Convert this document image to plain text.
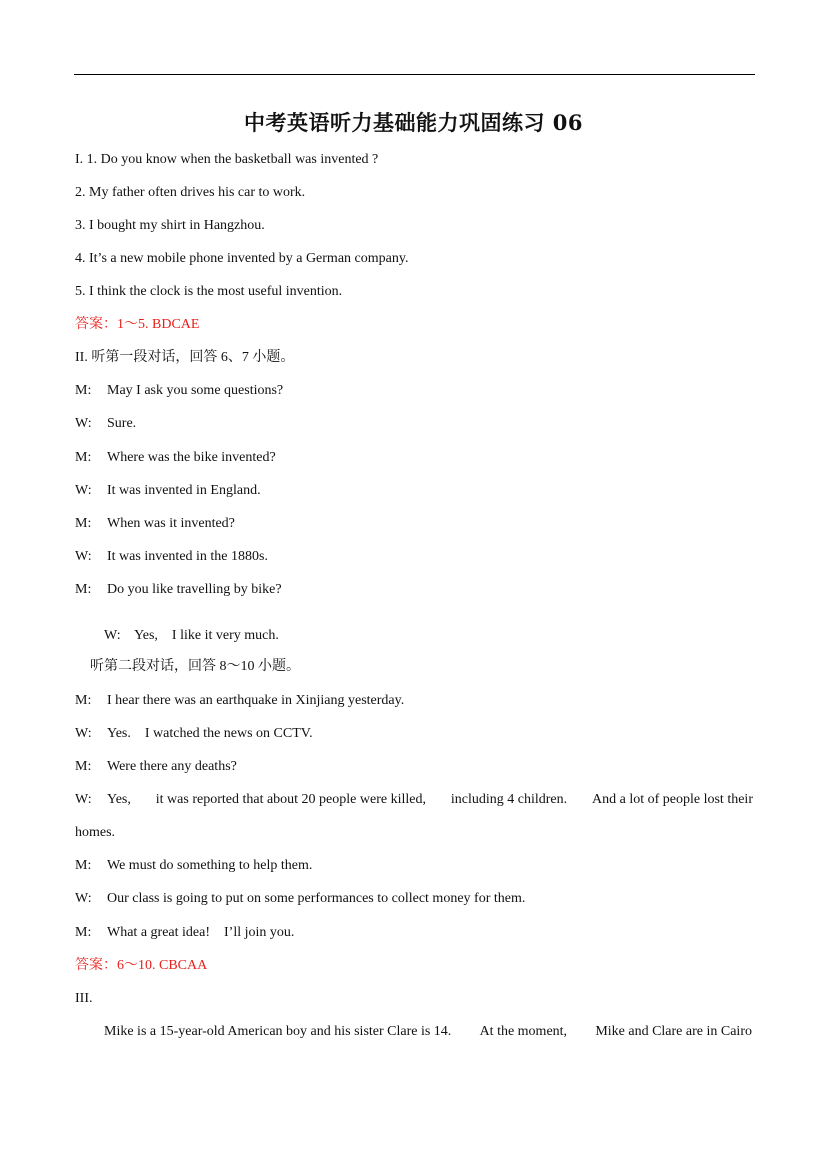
中考英语听力基础能力巩固练习 06
I. 1. Do you know when the basketball was invented ?
2. My father often drives his car to work.
3. I bought my shirt in Hangzhou.
4. It’s a new mobile phone invented by a German company.
5. I think the clock is the most useful invention.
答案：1～5. BDCAE
II. 听第一段对话，回答 6、7 小题。
M: May I ask you some questions?
W: Sure.
M: Where was the bike invented?
W: It was invented in England.
M: When was it invented?
W: It was invented in the 1880s.
M: Do you like travelling by bike?
W:    Yes,    I like it very much.
听第二段对话，回答 8～10 小题。
M: I hear there was an earthquake in Xinjiang yesterday.
W: Yes.    I watched the news on CCTV.
M: Were there any deaths?
W: Yes, it was reported that about 20 people were killed, including 4 children. And a lot of people lost their
homes.
M: We must do something to help them.
W: Our class is going to put on some performances to collect money for them.
M: What a great idea!    I’ll join you.
答案：6～10. CBCAA
III.
Mike is a 15-year-old American boy and his sister Clare is 14. At the moment, Mike and Clare are in Cairo
